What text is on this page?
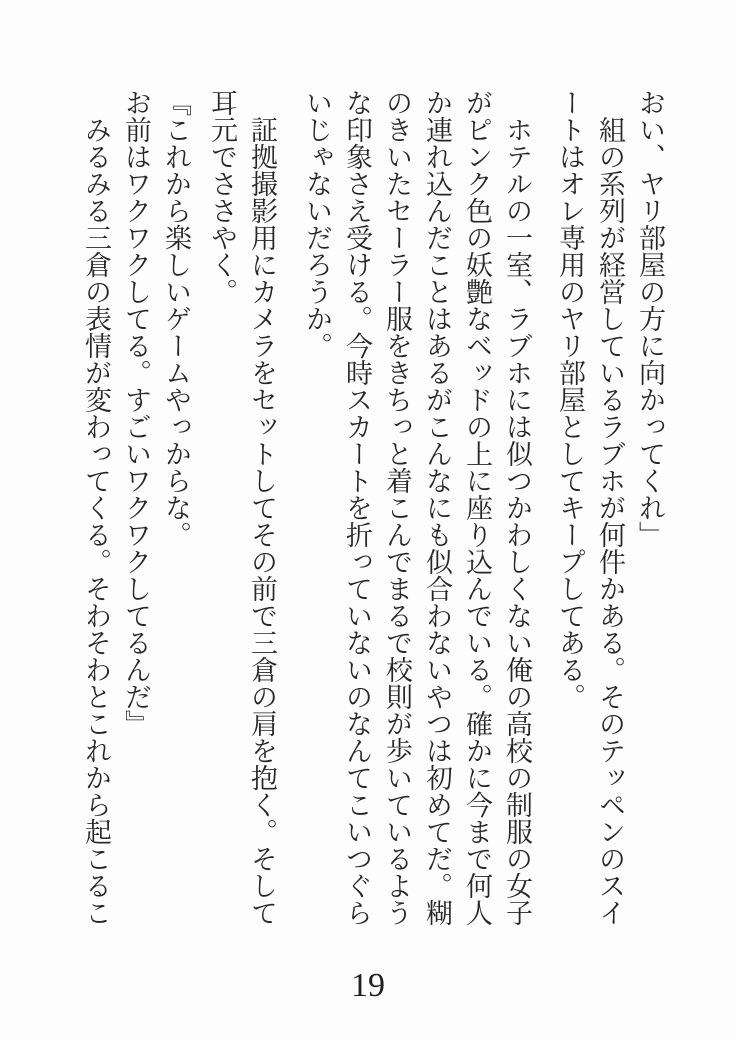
おい、ヤリ部屋の方に向かってくれ」

組の系列が経営しているラブホが何件かある。そのテッペンのスイートはオレ専用のヤリ部屋としてキープしてある。

ホテルの一室、ラブホには似つかわしくない俺の高校の制服の女子がピンク色の妖艶なベッドの上に座り込んでいる。確かに今まで何人か連れ込んだことはあるがこんなにも似合わないやつは初めてだ。糊のきいたセーラー服をきちっと着こんでまるで校則が歩いているような印象さえ受ける。今時スカートを折っていないのなんてこいつぐらいじゃないだろうか。

証拠撮影用にカメラをセットしてその前で三倉の肩を抱く。そして耳元でささやく。

『これから楽しいゲームやっからな。

お前はワクワクしてる。すごいワクワクしてるんだ』

みるみる三倉の表情が変わってくる。そわそわとこれから起こるこ

19
